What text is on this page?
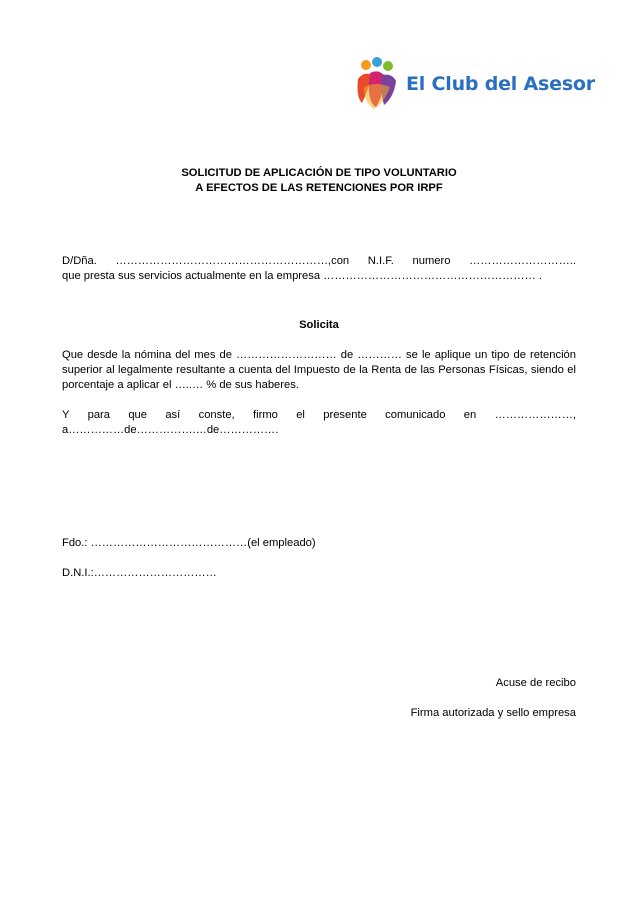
El Club del Asesor
SOLICITUD DE APLICACIÓN DE TIPO VOLUNTARIO
A EFECTOS DE LAS RETENCIONES POR IRPF
D/Dña. …………………………………………………,con N.I.F. numero ………………………..
que presta sus servicios actualmente en la empresa ………………………………………………… .
Solicita
Que desde la nómina del mes de ……………………… de ………… se le aplique un tipo de retención superior al legalmente resultante a cuenta del Impuesto de la Renta de las Personas Físicas, siendo el porcentaje a aplicar el …..… % de sus haberes.
Y para que así conste, firmo el presente comunicado en …………………,
a……………de…………….…de…………….
Fdo.: ……………………………………(el empleado)
D.N.I.:……………………………
Acuse de recibo
Firma autorizada y sello empresa
